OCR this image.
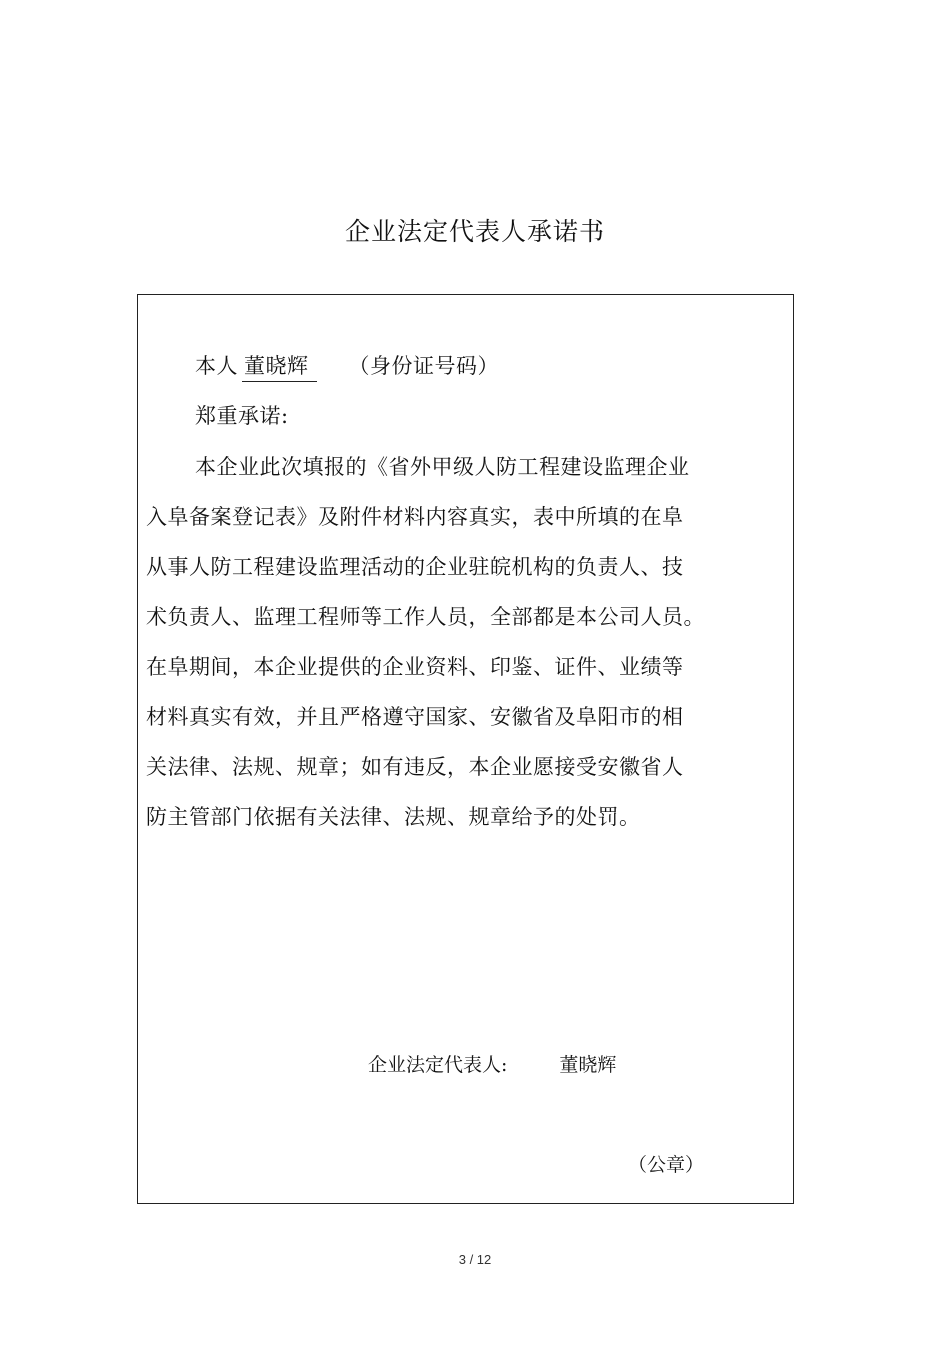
企业法定代表人承诺书
本人 董晓辉 （身份证号码）
郑重承诺:
本企业此次填报的《省外甲级人防工程建设监理企业
入阜备案登记表》及附件材料内容真实，表中所填的在阜
从事人防工程建设监理活动的企业驻皖机构的负责人、技
术负责人、监理工程师等工作人员，全部都是本公司人员。
在阜期间，本企业提供的企业资料、印鉴、证件、业绩等
材料真实有效，并且严格遵守国家、安徽省及阜阳市的相
关法律、法规、规章；如有违反，本企业愿接受安徽省人
防主管部门依据有关法律、法规、规章给予的处罚。
企业法定代表人:	董晓辉
（公章）
3 / 12
